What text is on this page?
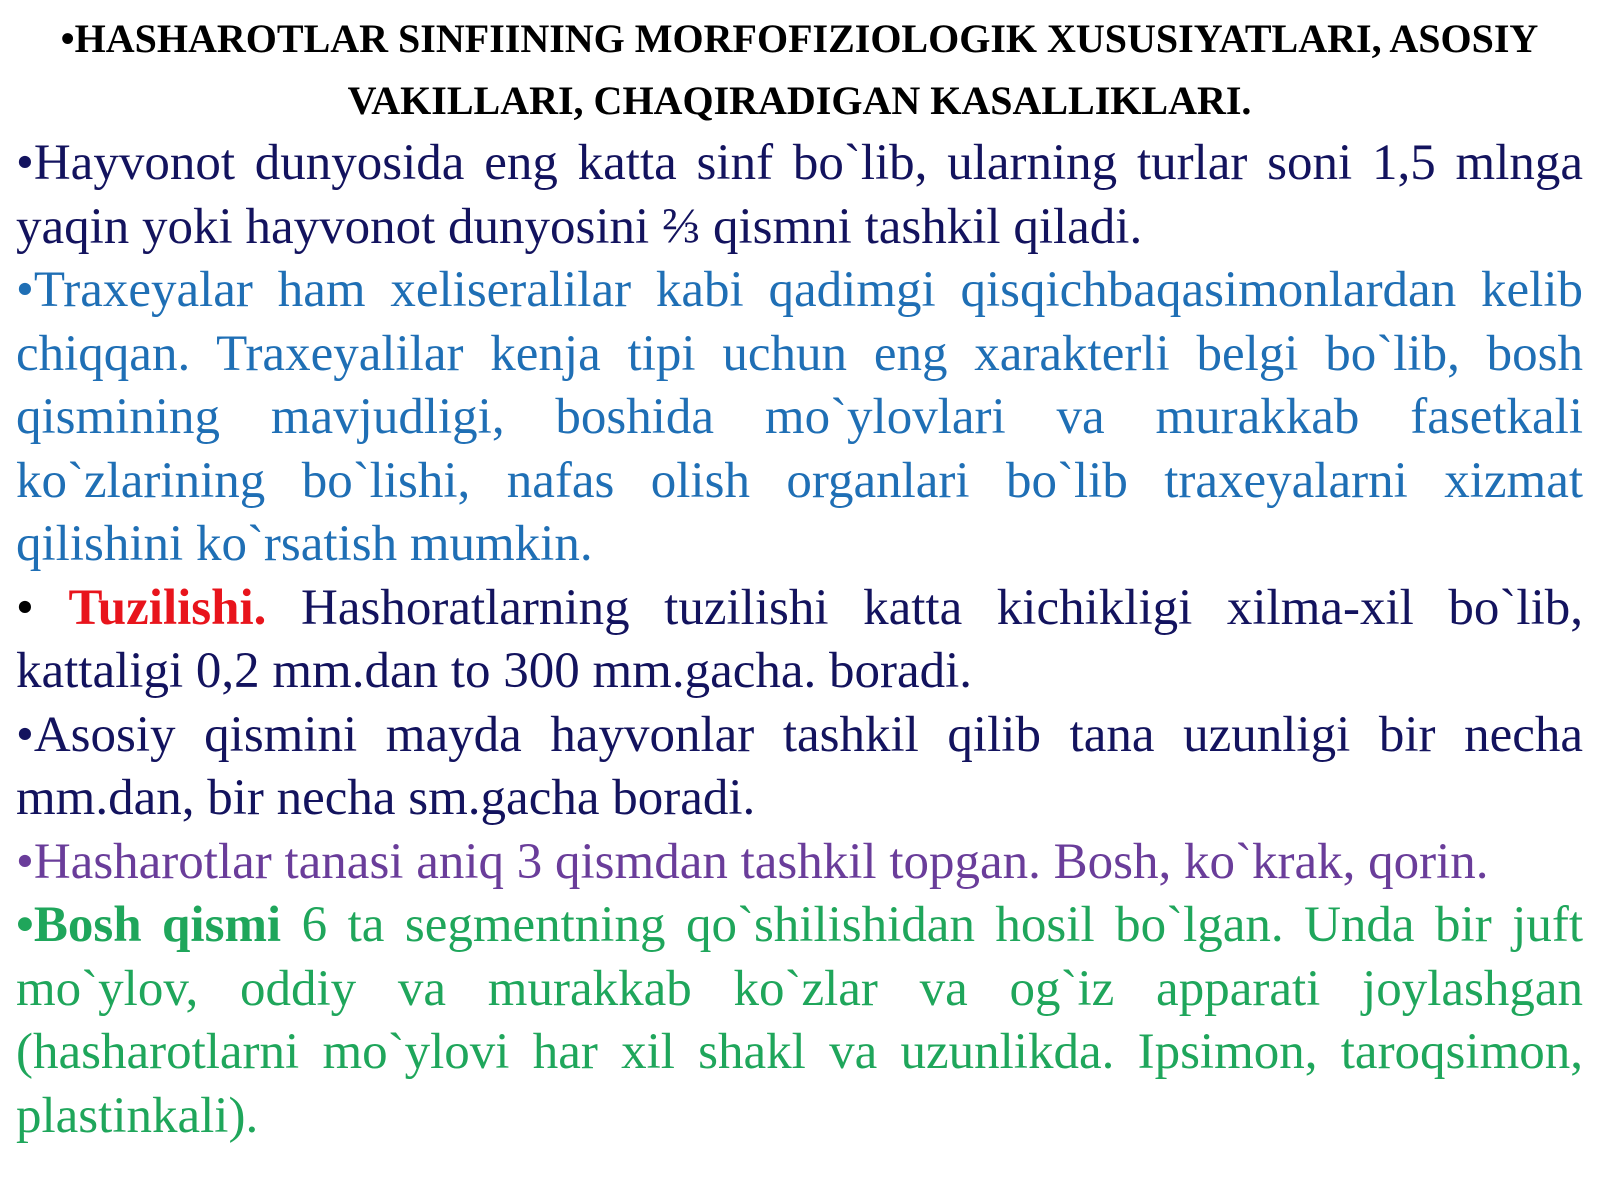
•HASHAROTLAR SINFIINING MORFOFIZIOLOGIK XUSUSIYATLARI, ASOSIY VAKILLARI, CHAQIRADIGAN KASALLIKLARI.

•Hayvonot dunyosida eng katta sinf bo`lib, ularning turlar soni 1,5 mlnga yaqin yoki hayvonot dunyosini ⅔ qismni tashkil qiladi.

•Traxeyalar ham xeliseralilar kabi qadimgi qisqichbaqasimonlardan kelib chiqqan. Traxeyalilar kenja tipi uchun eng xarakterli belgi bo`lib, bosh qismining mavjudligi, boshida mo`ylovlari va murakkab fasetkali ko`zlarining bo`lishi, nafas olish organlari bo`lib traxeyalarni xizmat qilishini ko`rsatish mumkin.

• Tuzilishi. Hashoratlarning tuzilishi katta kichikligi xilma-xil bo`lib, kattaligi 0,2 mm.dan to 300 mm.gacha. boradi.

•Asosiy qismini mayda hayvonlar tashkil qilib tana uzunligi bir necha mm.dan, bir necha sm.gacha boradi.

•Hasharotlar tanasi aniq 3 qismdan tashkil topgan. Bosh, ko`krak, qorin.

•Bosh qismi 6 ta segmentning qo`shilishidan hosil bo`lgan. Unda bir juft mo`ylov, oddiy va murakkab ko`zlar va og`iz apparati joylashgan (hasharotlarni mo`ylovi har xil shakl va uzunlikda. Ipsimon, taroqsimon, plastinkali).
